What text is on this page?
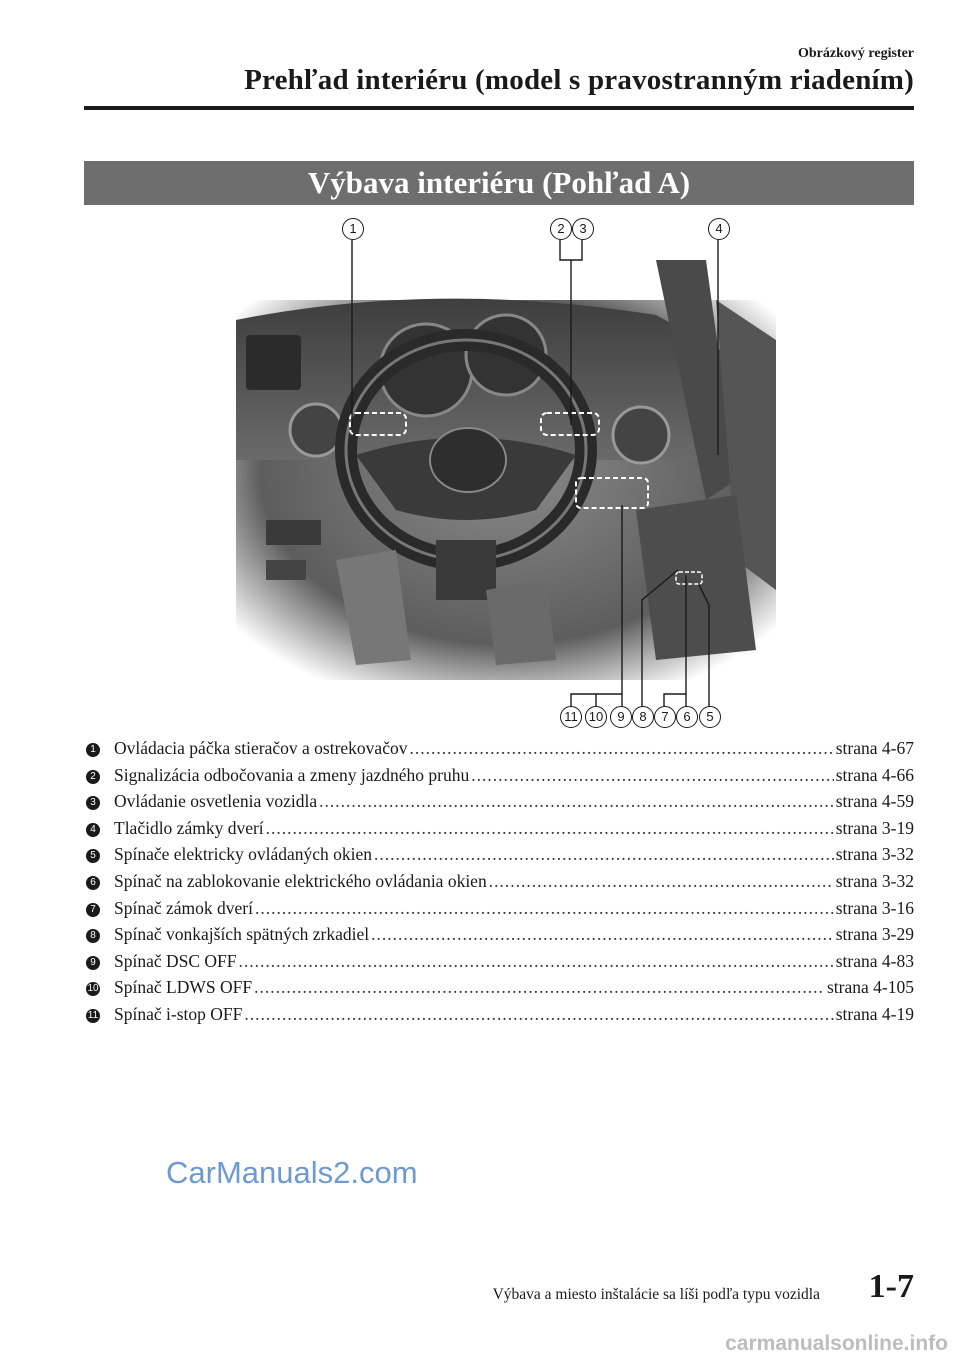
Obrázkový register
Prehľad interiéru (model s pravostranným riadením)
Výbava interiéru (Pohľad A)
1	2	3	4
11 10	9	8	7	6	5
1 Ovládacia páčka stieračov a ostrekovačov .....	strana 4-67
2 Signalizácia odbočovania a zmeny jazdného pruhu .....	strana 4-66
3 Ovládanie osvetlenia vozidla .....	strana 4-59
4 Tlačidlo zámky dverí .....	strana 3-19
5 Spínače elektricky ovládaných okien .....	strana 3-32
6 Spínač na zablokovanie elektrického ovládania okien .....	strana 3-32
7 Spínač zámok dverí .....	strana 3-16
8 Spínač vonkajších spätných zrkadiel .....	strana 3-29
9 Spínač DSC OFF .....	strana 4-83
10 Spínač LDWS OFF .....	strana 4-105
11 Spínač i-stop OFF .....	strana 4-19
CarManuals2.com
Výbava a miesto inštalácie sa líši podľa typu vozidla 1-7
carmanualsonline.info
